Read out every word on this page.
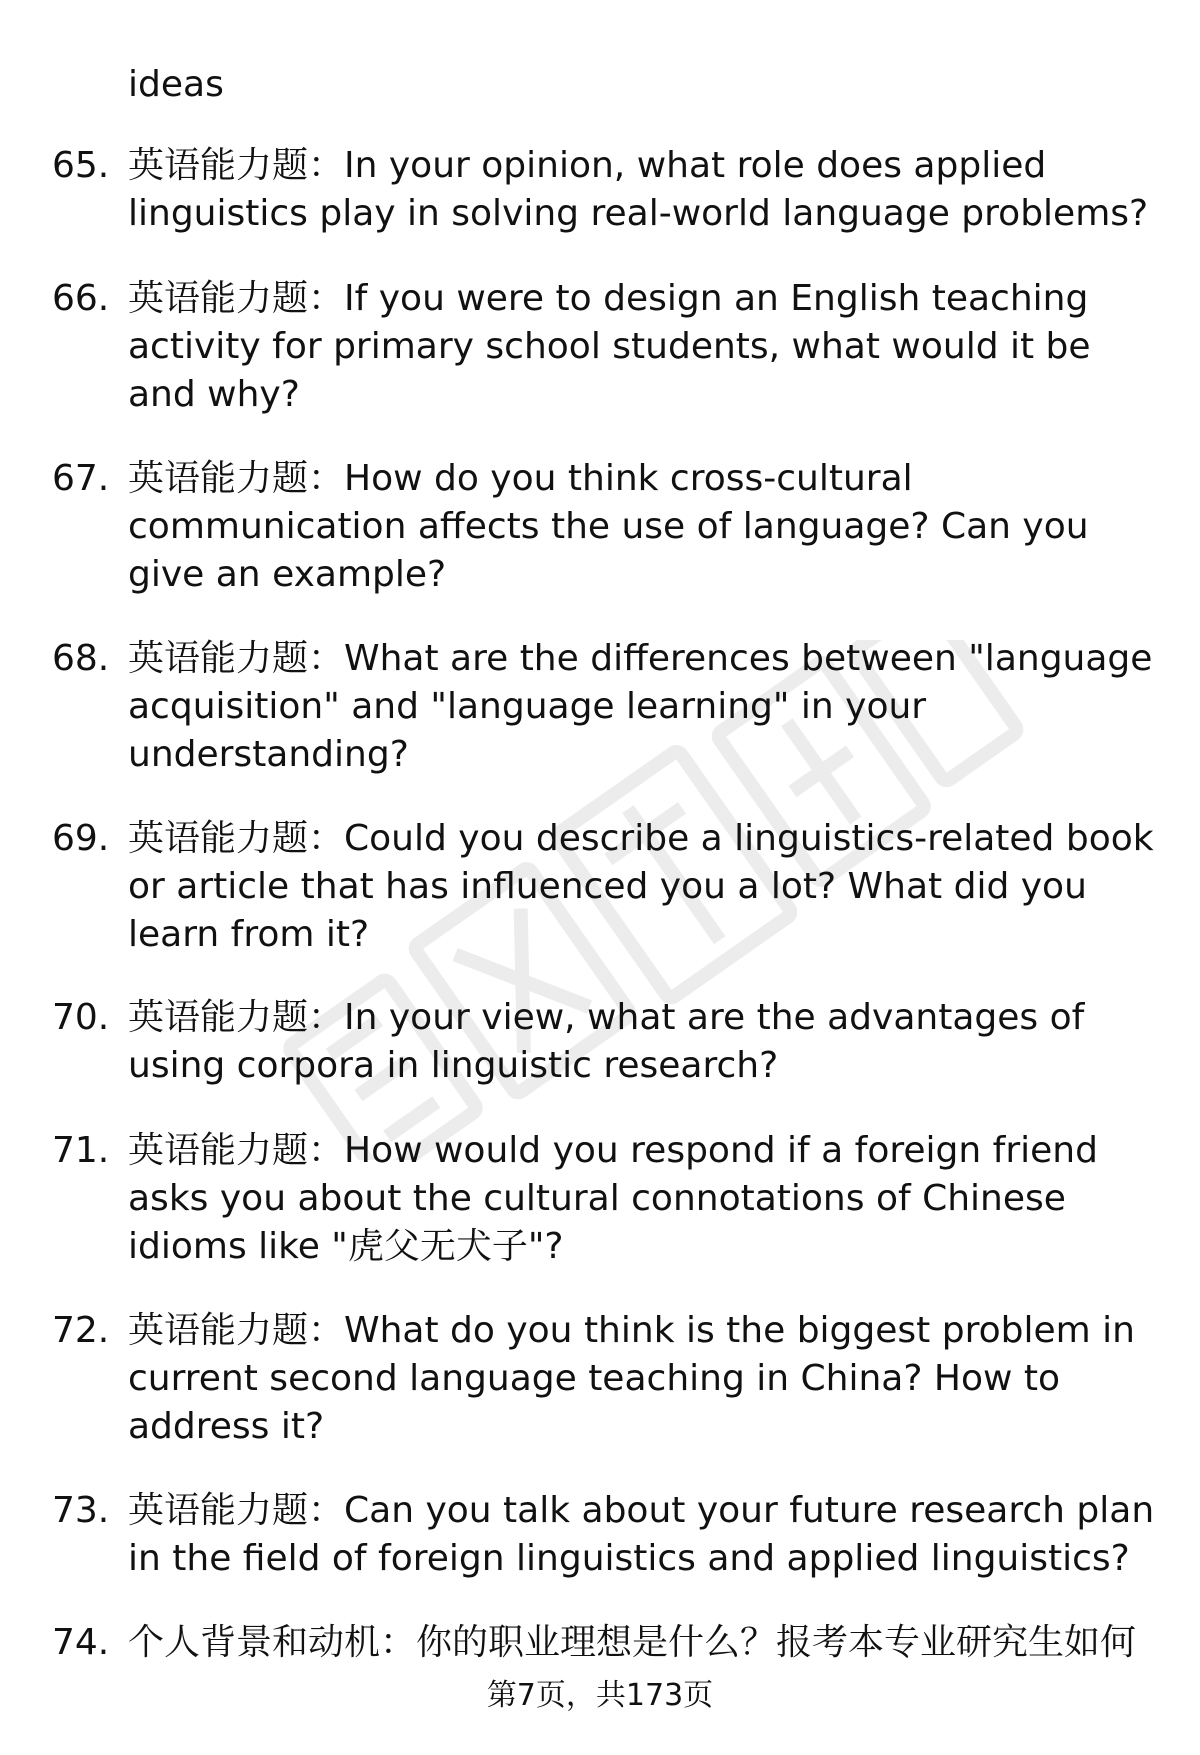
ideas
65. 英语能力题：In your opinion, what role does applied linguistics play in solving real-world language problems?
66. 英语能力题：If you were to design an English teaching activity for primary school students, what would it be and why?
67. 英语能力题：How do you think cross-cultural communication affects the use of language? Can you give an example?
68. 英语能力题：What are the differences between "language acquisition" and "language learning" in your understanding?
69. 英语能力题：Could you describe a linguistics-related book or article that has influenced you a lot? What did you learn from it?
70. 英语能力题：In your view, what are the advantages of using corpora in linguistic research?
71. 英语能力题：How would you respond if a foreign friend asks you about the cultural connotations of Chinese idioms like "虎父无犬子"?
72. 英语能力题：What do you think is the biggest problem in current second language teaching in China? How to address it?
73. 英语能力题：Can you talk about your future research plan in the field of foreign linguistics and applied linguistics?
74. 个人背景和动机：你的职业理想是什么？报考本专业研究生如何
第7页，共173页
